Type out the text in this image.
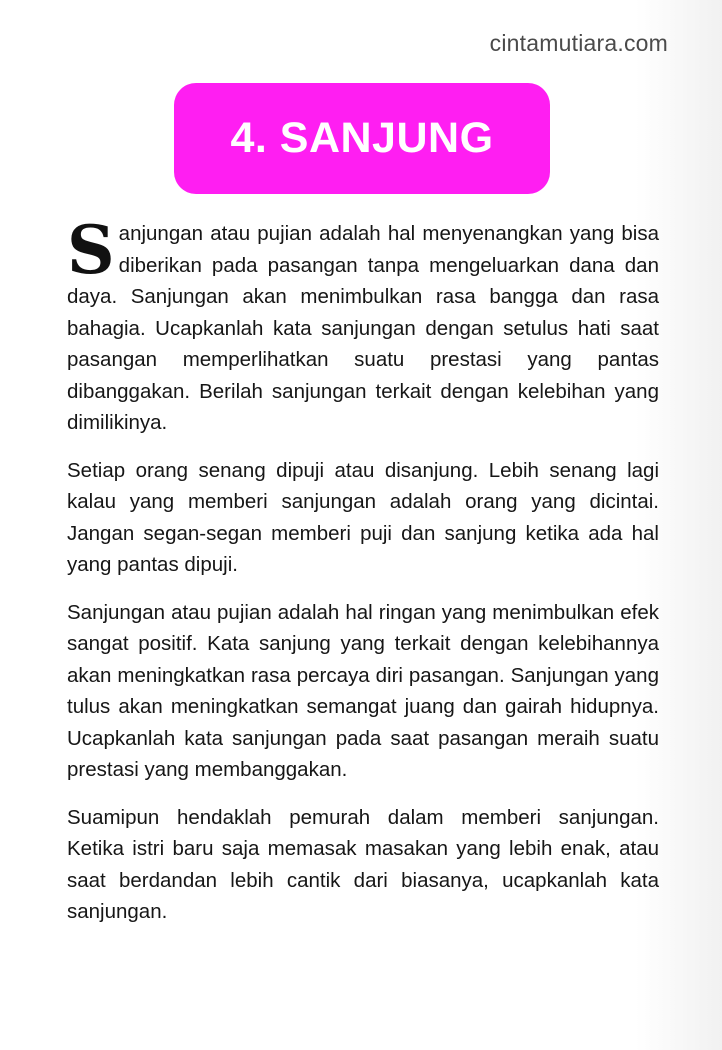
cintamutiara.com
4. SANJUNG

Sanjungan atau pujian adalah hal menyenangkan yang bisa diberikan pada pasangan tanpa mengeluarkan dana dan daya. Sanjungan akan menimbulkan rasa bangga dan rasa bahagia. Ucapkanlah kata sanjungan dengan setulus hati saat pasangan memperlihatkan suatu prestasi yang pantas dibanggakan. Berilah sanjungan terkait dengan kelebihan yang dimilikinya.

Setiap orang senang dipuji atau disanjung. Lebih senang lagi kalau yang memberi sanjungan adalah orang yang dicintai. Jangan segan-segan memberi puji dan sanjung ketika ada hal yang pantas dipuji.

Sanjungan atau pujian adalah hal ringan yang menimbulkan efek sangat positif. Kata sanjung yang terkait dengan kelebihannya akan meningkatkan rasa percaya diri pasangan. Sanjungan yang tulus akan meningkatkan semangat juang dan gairah hidupnya. Ucapkanlah kata sanjungan pada saat pasangan meraih suatu prestasi yang membanggakan.

Suamipun hendaklah pemurah dalam memberi sanjungan. Ketika istri baru saja memasak masakan yang lebih enak, atau saat berdandan lebih cantik dari biasanya, ucapkanlah kata sanjungan.
